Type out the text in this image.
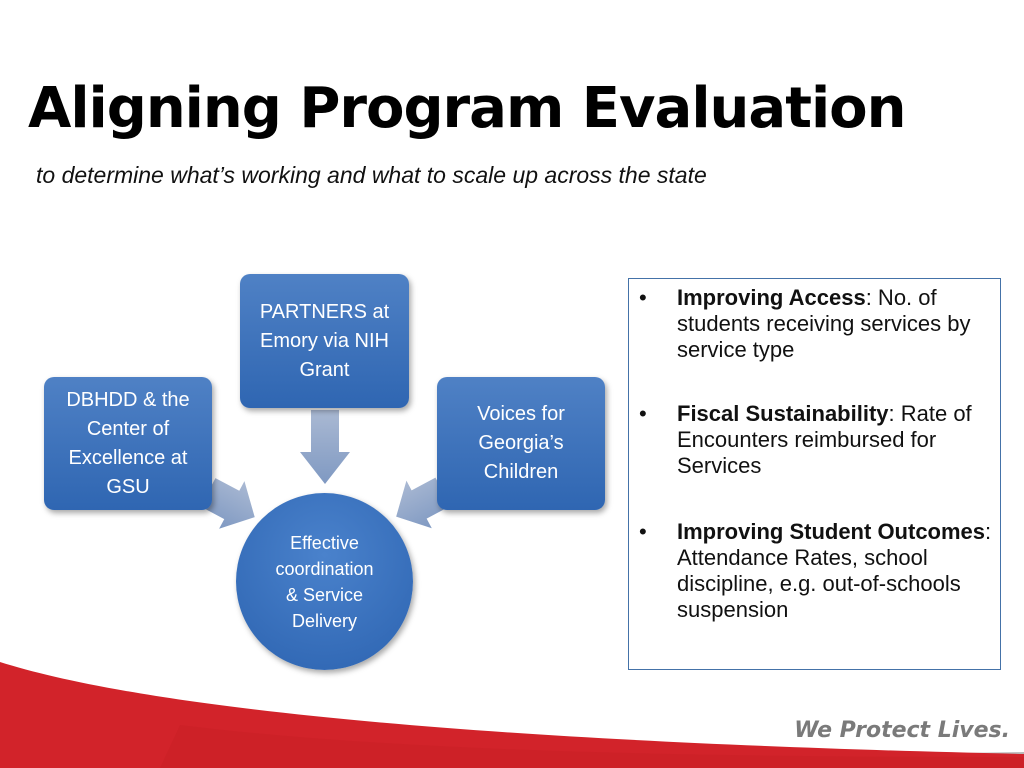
Aligning Program Evaluation
to determine what’s working and what to scale up across the state
PARTNERS at
Emory via NIH
Grant
DBHDD & the
Center of
Excellence at
GSU
Voices for
Georgia’s
Children
Effective
coordination
& Service
Delivery
• Improving Access: No. of students receiving services by service type
• Fiscal Sustainability: Rate of Encounters reimbursed for Services
• Improving Student Outcomes: Attendance Rates, school discipline, e.g. out-of-schools suspension
We Protect Lives.
